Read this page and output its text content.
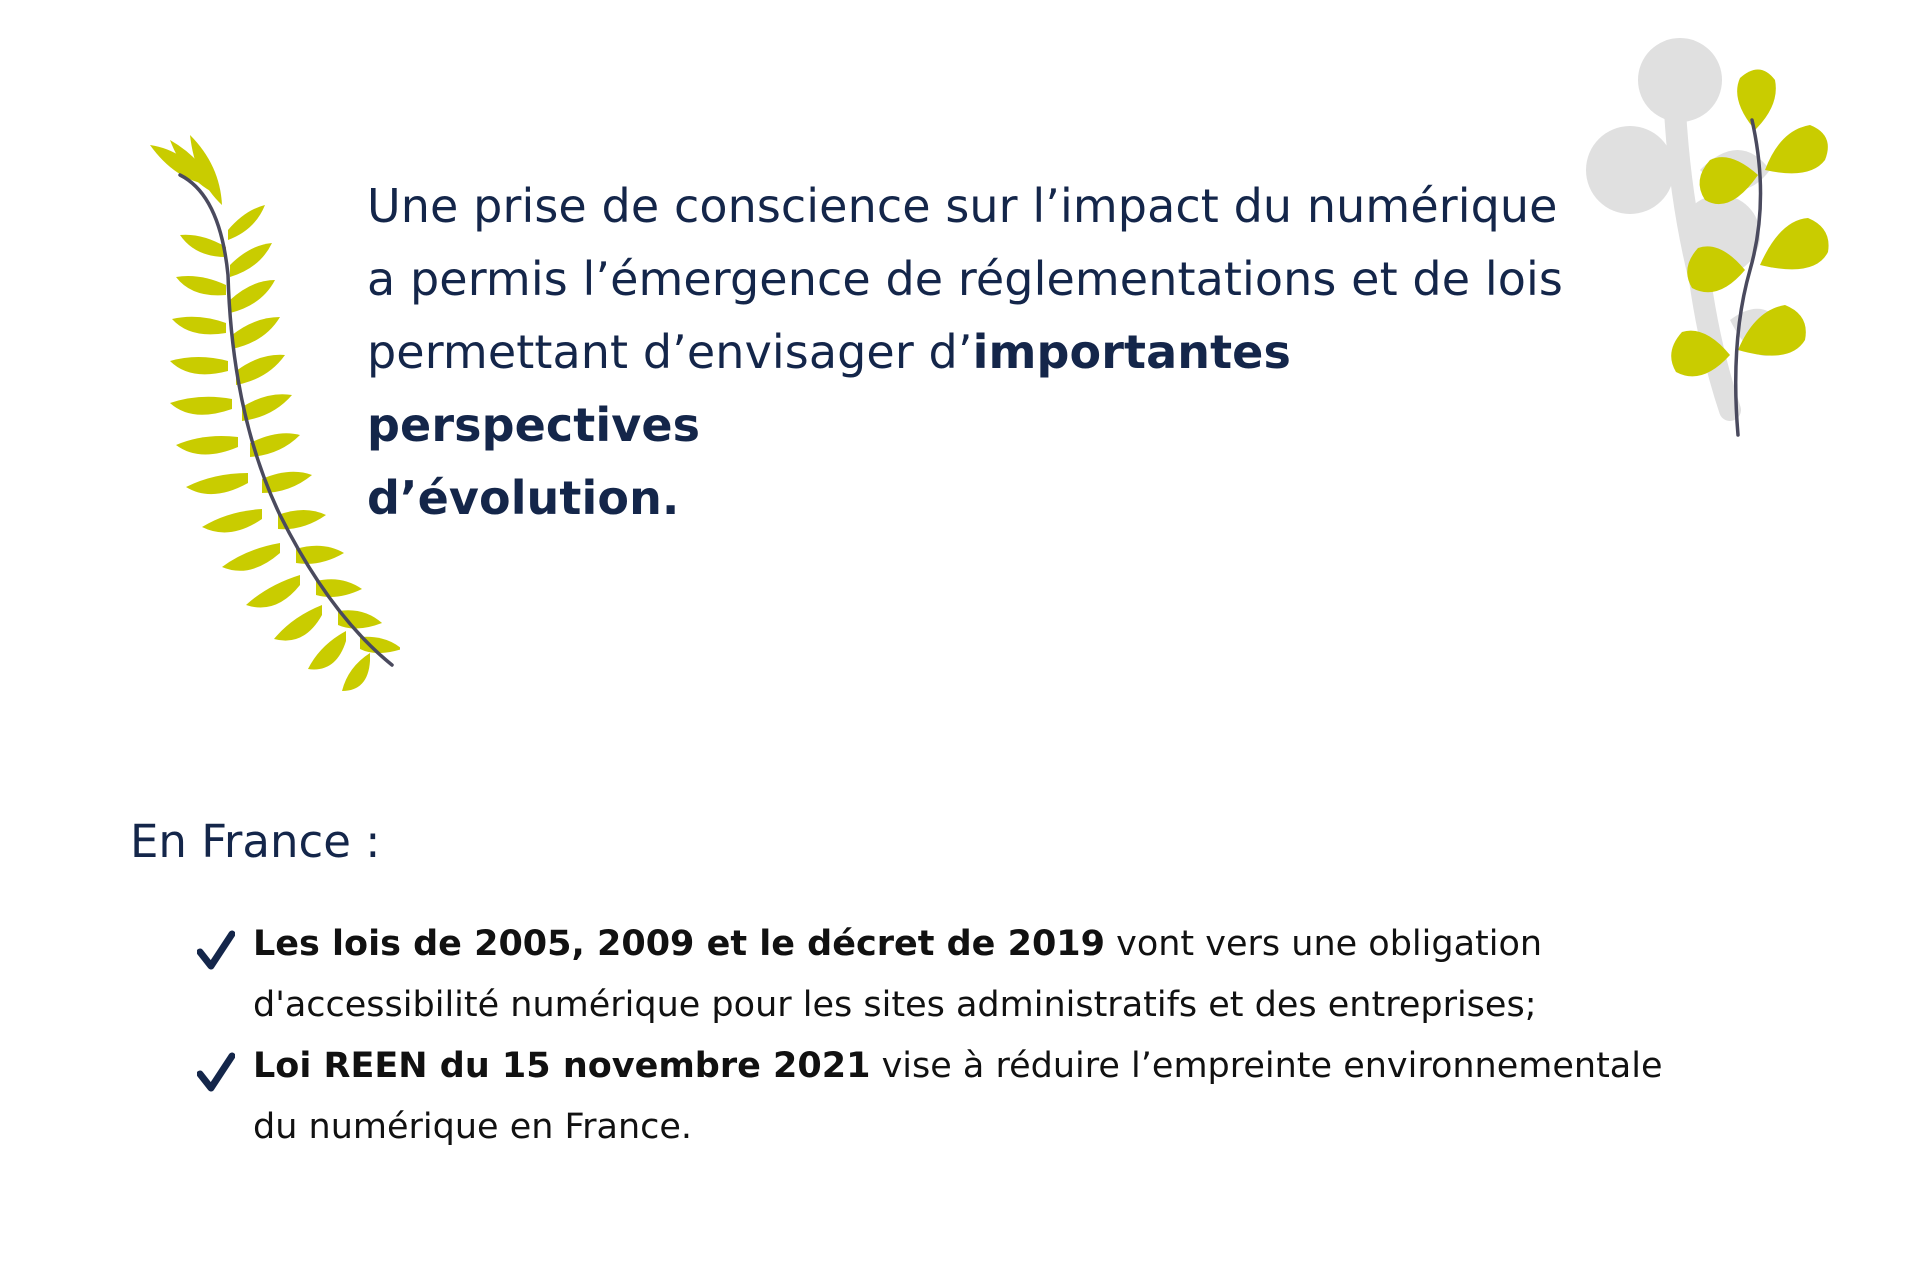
Une prise de conscience sur l’impact du numérique
a permis l’émergence de réglementations et de lois
permettant d’envisager d’importantes perspectives
d’évolution.

En France :
Les lois de 2005, 2009 et le décret de 2019 vont vers une obligation d'accessibilité numérique pour les sites administratifs et des entreprises;
Loi REEN du 15 novembre 2021 vise à réduire l’empreinte environnementale du numérique en France.
